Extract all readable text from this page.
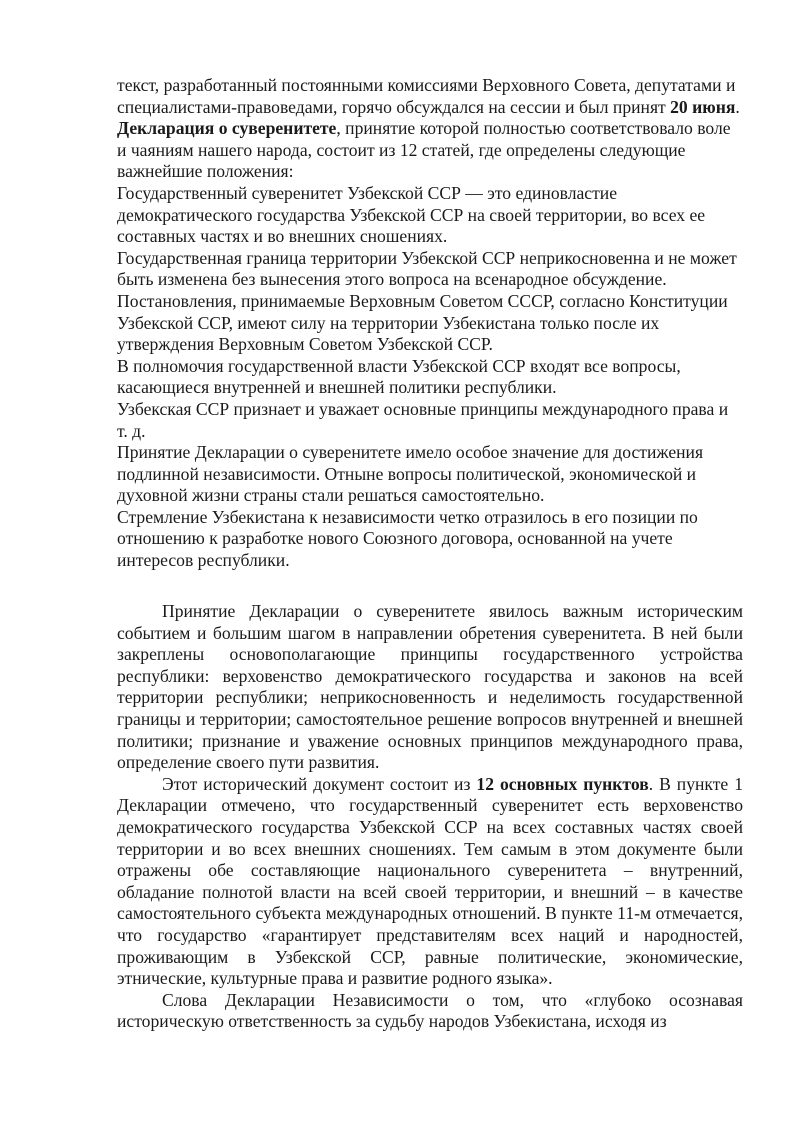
текст, разработанный постоянными комиссиями Верховного Совета, депутатами и специалистами-правоведами, горячо обсуждался на сессии и был принят 20 июня. Декларация о суверенитете, принятие которой полностью соответствовало воле и чаяниям нашего народа, состоит из 12 статей, где определены следующие важнейшие положения:

Государственный суверенитет Узбекской ССР — это единовластие демократического государства Узбекской ССР на своей территории, во всех ее составных частях и во внешних сношениях.

Государственная граница территории Узбекской ССР неприкосновенна и не может быть изменена без вынесения этого вопроса на всенародное обсуждение.

Постановления, принимаемые Верховным Советом СССР, согласно Конституции Узбекской ССР, имеют силу на территории Узбекистана только после их утверждения Верховным Советом Узбекской ССР.

В полномочия государственной власти Узбекской ССР входят все вопросы, касающиеся внутренней и внешней политики республики.

Узбекская ССР признает и уважает основные принципы международного права и т. д.

Принятие Декларации о суверенитете имело особое значение для достижения подлинной независимости. Отныне вопросы политической, экономической и духовной жизни страны стали решаться самостоятельно.

Стремление Узбекистана к независимости четко отразилось в его позиции по отношению к разработке нового Союзного договора, основанной на учете интересов республики.

Принятие Декларации о суверенитете явилось важным историческим событием и большим шагом в направлении обретения суверенитета. В ней были закреплены основополагающие принципы государственного устройства республики: верховенство демократического государства и законов на всей территории республики; неприкосновенность и неделимость государственной границы и территории; самостоятельное решение вопросов внутренней и внешней политики; признание и уважение основных принципов международного права, определение своего пути развития.

Этот исторический документ состоит из 12 основных пунктов. В пункте 1 Декларации отмечено, что государственный суверенитет есть верховенство демократического государства Узбекской ССР на всех составных частях своей территории и во всех внешних сношениях. Тем самым в этом документе были отражены обе составляющие национального суверенитета – внутренний, обладание полнотой власти на всей своей территории, и внешний – в качестве самостоятельного субъекта международных отношений. В пункте 11-м отмечается, что государство «гарантирует представителям всех наций и народностей, проживающим в Узбекской ССР, равные политические, экономические, этнические, культурные права и развитие родного языка».

Слова Декларации Независимости о том, что «глубоко осознавая историческую ответственность за судьбу народов Узбекистана, исходя из
